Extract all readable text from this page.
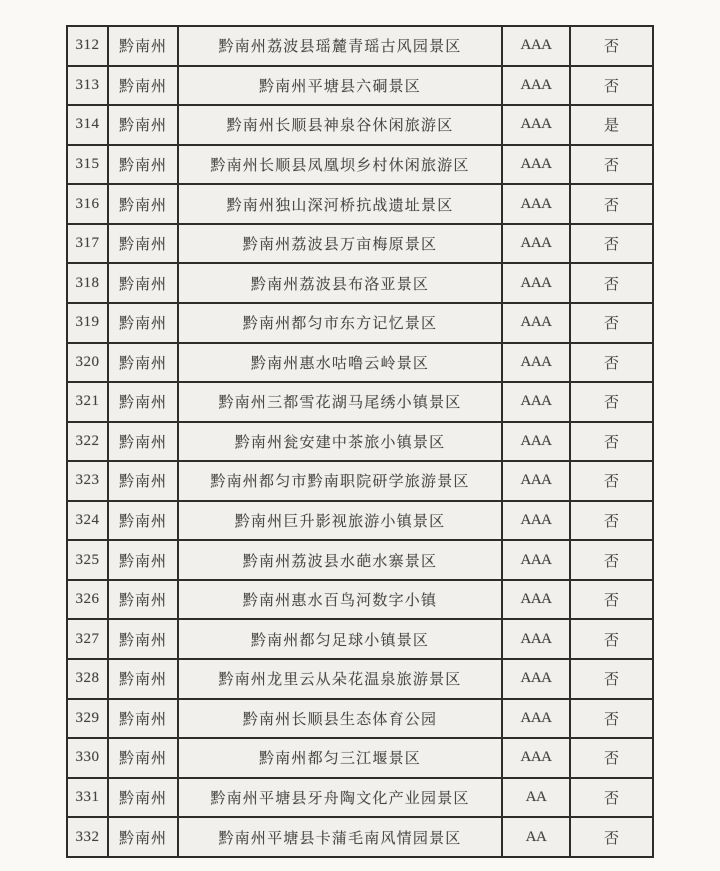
312	黔南州	黔南州荔波县瑶麓青瑶古风园景区	AAA	否
313	黔南州	黔南州平塘县六硐景区	AAA	否
314	黔南州	黔南州长顺县神泉谷休闲旅游区	AAA	是
315	黔南州	黔南州长顺县凤凰坝乡村休闲旅游区	AAA	否
316	黔南州	黔南州独山深河桥抗战遗址景区	AAA	否
317	黔南州	黔南州荔波县万亩梅原景区	AAA	否
318	黔南州	黔南州荔波县布洛亚景区	AAA	否
319	黔南州	黔南州都匀市东方记忆景区	AAA	否
320	黔南州	黔南州惠水咕噜云岭景区	AAA	否
321	黔南州	黔南州三都雪花湖马尾绣小镇景区	AAA	否
322	黔南州	黔南州瓮安建中茶旅小镇景区	AAA	否
323	黔南州	黔南州都匀市黔南职院研学旅游景区	AAA	否
324	黔南州	黔南州巨升影视旅游小镇景区	AAA	否
325	黔南州	黔南州荔波县水葩水寨景区	AAA	否
326	黔南州	黔南州惠水百鸟河数字小镇	AAA	否
327	黔南州	黔南州都匀足球小镇景区	AAA	否
328	黔南州	黔南州龙里云从朵花温泉旅游景区	AAA	否
329	黔南州	黔南州长顺县生态体育公园	AAA	否
330	黔南州	黔南州都匀三江堰景区	AAA	否
331	黔南州	黔南州平塘县牙舟陶文化产业园景区	AA	否
332	黔南州	黔南州平塘县卡蒲毛南风情园景区	AA	否
